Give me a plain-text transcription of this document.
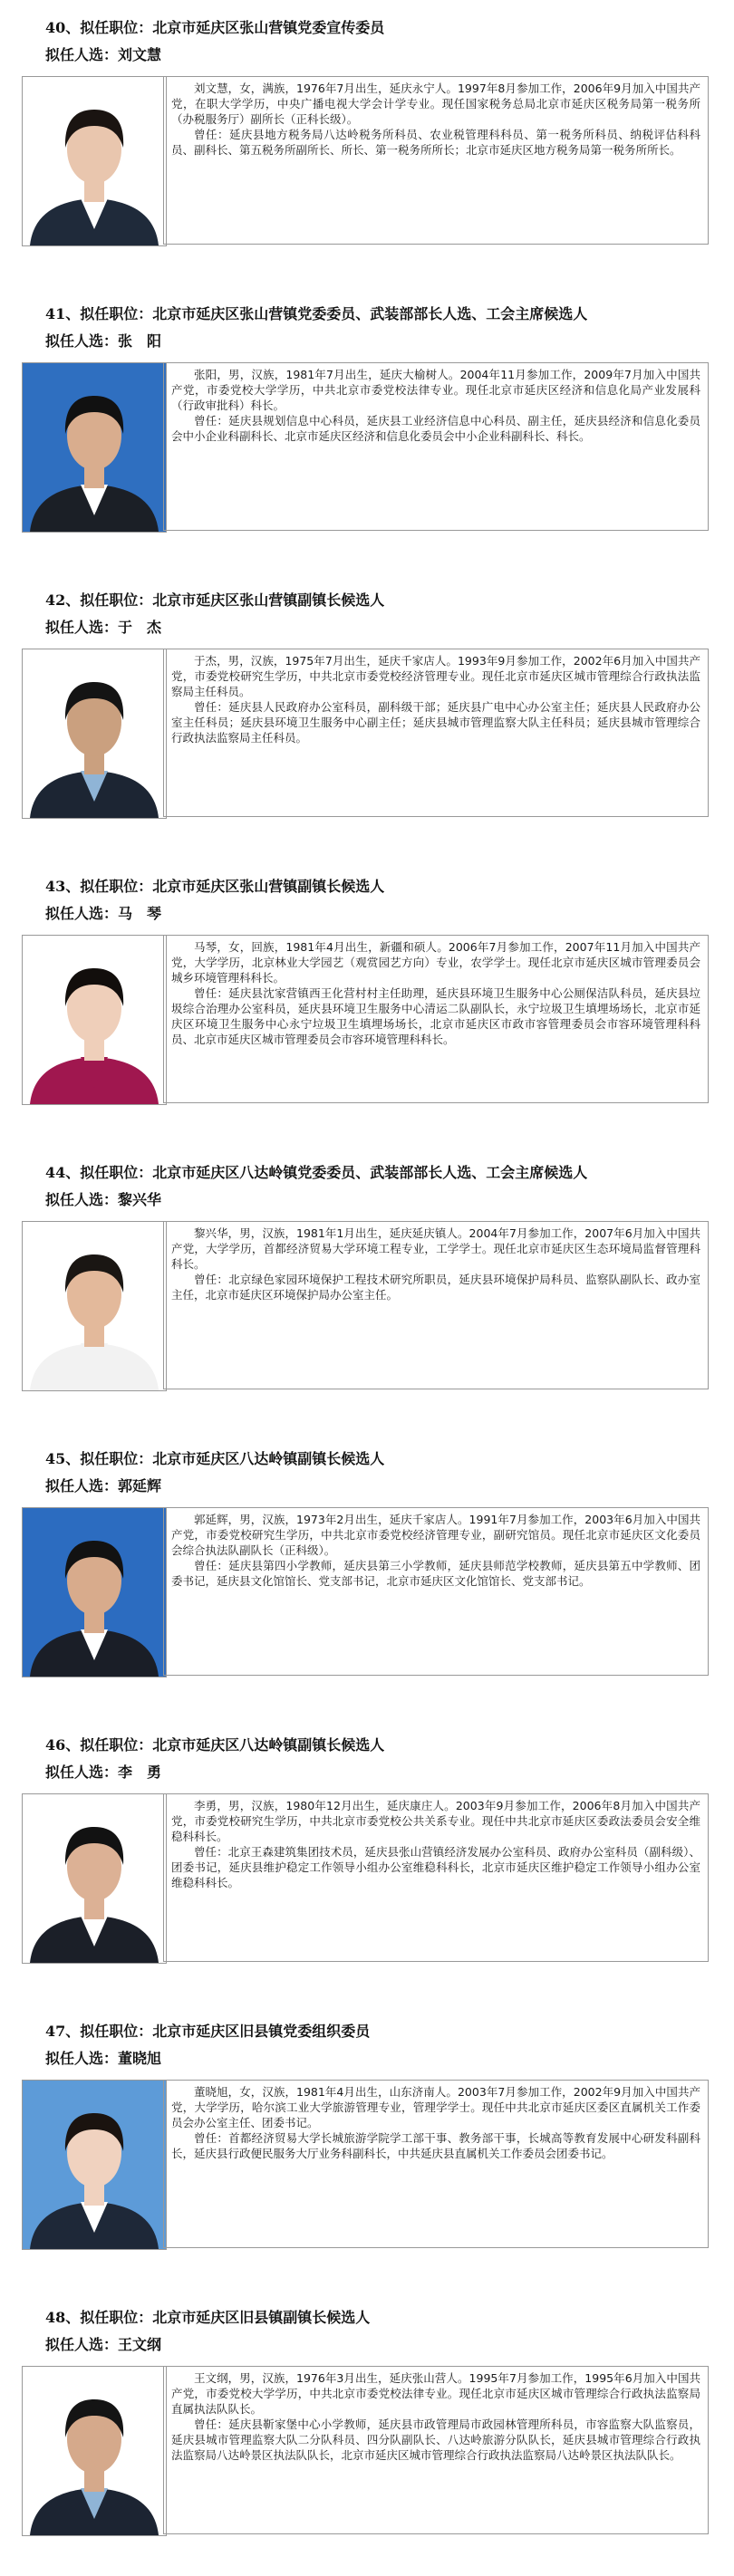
40、拟任职位：北京市延庆区张山营镇党委宣传委员
拟任人选：刘文慧

刘文慧，女，满族，1976年7月出生，延庆永宁人。1997年8月参加工作，2006年9月加入中国共产党，在职大学学历，中央广播电视大学会计学专业。现任国家税务总局北京市延庆区税务局第一税务所（办税服务厅）副所长（正科长级）。

曾任：延庆县地方税务局八达岭税务所科员、农业税管理科科员、第一税务所科员、纳税评估科科员、副科长、第五税务所副所长、所长、第一税务所所长；北京市延庆区地方税务局第一税务所所长。

41、拟任职位：北京市延庆区张山营镇党委委员、武装部部长人选、工会主席候选人
拟任人选：张　阳

张阳，男，汉族，1981年7月出生，延庆大榆树人。2004年11月参加工作，2009年7月加入中国共产党，市委党校大学学历，中共北京市委党校法律专业。现任北京市延庆区经济和信息化局产业发展科（行政审批科）科长。

曾任：延庆县规划信息中心科员，延庆县工业经济信息中心科员、副主任，延庆县经济和信息化委员会中小企业科副科长、北京市延庆区经济和信息化委员会中小企业科副科长、科长。

42、拟任职位：北京市延庆区张山营镇副镇长候选人
拟任人选：于　杰

于杰，男，汉族，1975年7月出生，延庆千家店人。1993年9月参加工作，2002年6月加入中国共产党，市委党校研究生学历，中共北京市委党校经济管理专业。现任北京市延庆区城市管理综合行政执法监察局主任科员。

曾任：延庆县人民政府办公室科员，副科级干部；延庆县广电中心办公室主任；延庆县人民政府办公室主任科员；延庆县环境卫生服务中心副主任；延庆县城市管理监察大队主任科员；延庆县城市管理综合行政执法监察局主任科员。

43、拟任职位：北京市延庆区张山营镇副镇长候选人
拟任人选：马　琴

马琴，女，回族，1981年4月出生，新疆和硕人。2006年7月参加工作，2007年11月加入中国共产党，大学学历，北京林业大学园艺（观赏园艺方向）专业，农学学士。现任北京市延庆区城市管理委员会城乡环境管理科科长。

曾任：延庆县沈家营镇西王化营村村主任助理，延庆县环境卫生服务中心公厕保洁队科员，延庆县垃圾综合治理办公室科员，延庆县环境卫生服务中心清运二队副队长，永宁垃圾卫生填埋场场长，北京市延庆区环境卫生服务中心永宁垃圾卫生填埋场场长，北京市延庆区市政市容管理委员会市容环境管理科科员、北京市延庆区城市管理委员会市容环境管理科科长。

44、拟任职位：北京市延庆区八达岭镇党委委员、武装部部长人选、工会主席候选人
拟任人选：黎兴华

黎兴华，男，汉族，1981年1月出生，延庆延庆镇人。2004年7月参加工作，2007年6月加入中国共产党，大学学历，首都经济贸易大学环境工程专业，工学学士。现任北京市延庆区生态环境局监督管理科科长。

曾任：北京绿色家园环境保护工程技术研究所职员，延庆县环境保护局科员、监察队副队长、政办室主任，北京市延庆区环境保护局办公室主任。

45、拟任职位：北京市延庆区八达岭镇副镇长候选人
拟任人选：郭延辉

郭延辉，男，汉族，1973年2月出生，延庆千家店人。1991年7月参加工作，2003年6月加入中国共产党，市委党校研究生学历，中共北京市委党校经济管理专业，副研究馆员。现任北京市延庆区文化委员会综合执法队副队长（正科级）。

曾任：延庆县第四小学教师，延庆县第三小学教师，延庆县师范学校教师，延庆县第五中学教师、团委书记，延庆县文化馆馆长、党支部书记，北京市延庆区文化馆馆长、党支部书记。

46、拟任职位：北京市延庆区八达岭镇副镇长候选人
拟任人选：李　勇

李勇，男，汉族，1980年12月出生，延庆康庄人。2003年9月参加工作，2006年8月加入中国共产党，市委党校研究生学历，中共北京市委党校公共关系专业。现任中共北京市延庆区委政法委员会安全维稳科科长。

曾任：北京王森建筑集团技术员，延庆县张山营镇经济发展办公室科员、政府办公室科员（副科级）、团委书记，延庆县维护稳定工作领导小组办公室维稳科科长，北京市延庆区维护稳定工作领导小组办公室维稳科科长。

47、拟任职位：北京市延庆区旧县镇党委组织委员
拟任人选：董晓旭

董晓旭，女，汉族，1981年4月出生，山东济南人。2003年7月参加工作，2002年9月加入中国共产党，大学学历，哈尔滨工业大学旅游管理专业，管理学学士。现任中共北京市延庆区委区直属机关工作委员会办公室主任、团委书记。

曾任：首都经济贸易大学长城旅游学院学工部干事、教务部干事，长城高等教育发展中心研发科副科长，延庆县行政便民服务大厅业务科副科长，中共延庆县直属机关工作委员会团委书记。

48、拟任职位：北京市延庆区旧县镇副镇长候选人
拟任人选：王文纲

王文纲，男，汉族，1976年3月出生，延庆张山营人。1995年7月参加工作，1995年6月加入中国共产党，市委党校大学学历，中共北京市委党校法律专业。现任北京市延庆区城市管理综合行政执法监察局直属执法队队长。

曾任：延庆县靳家堡中心小学教师，延庆县市政管理局市政园林管理所科员，市容监察大队监察员，延庆县城市管理监察大队二分队科员、四分队副队长、八达岭旅游分队队长，延庆县城市管理综合行政执法监察局八达岭景区执法队队长，北京市延庆区城市管理综合行政执法监察局八达岭景区执法队队长。
